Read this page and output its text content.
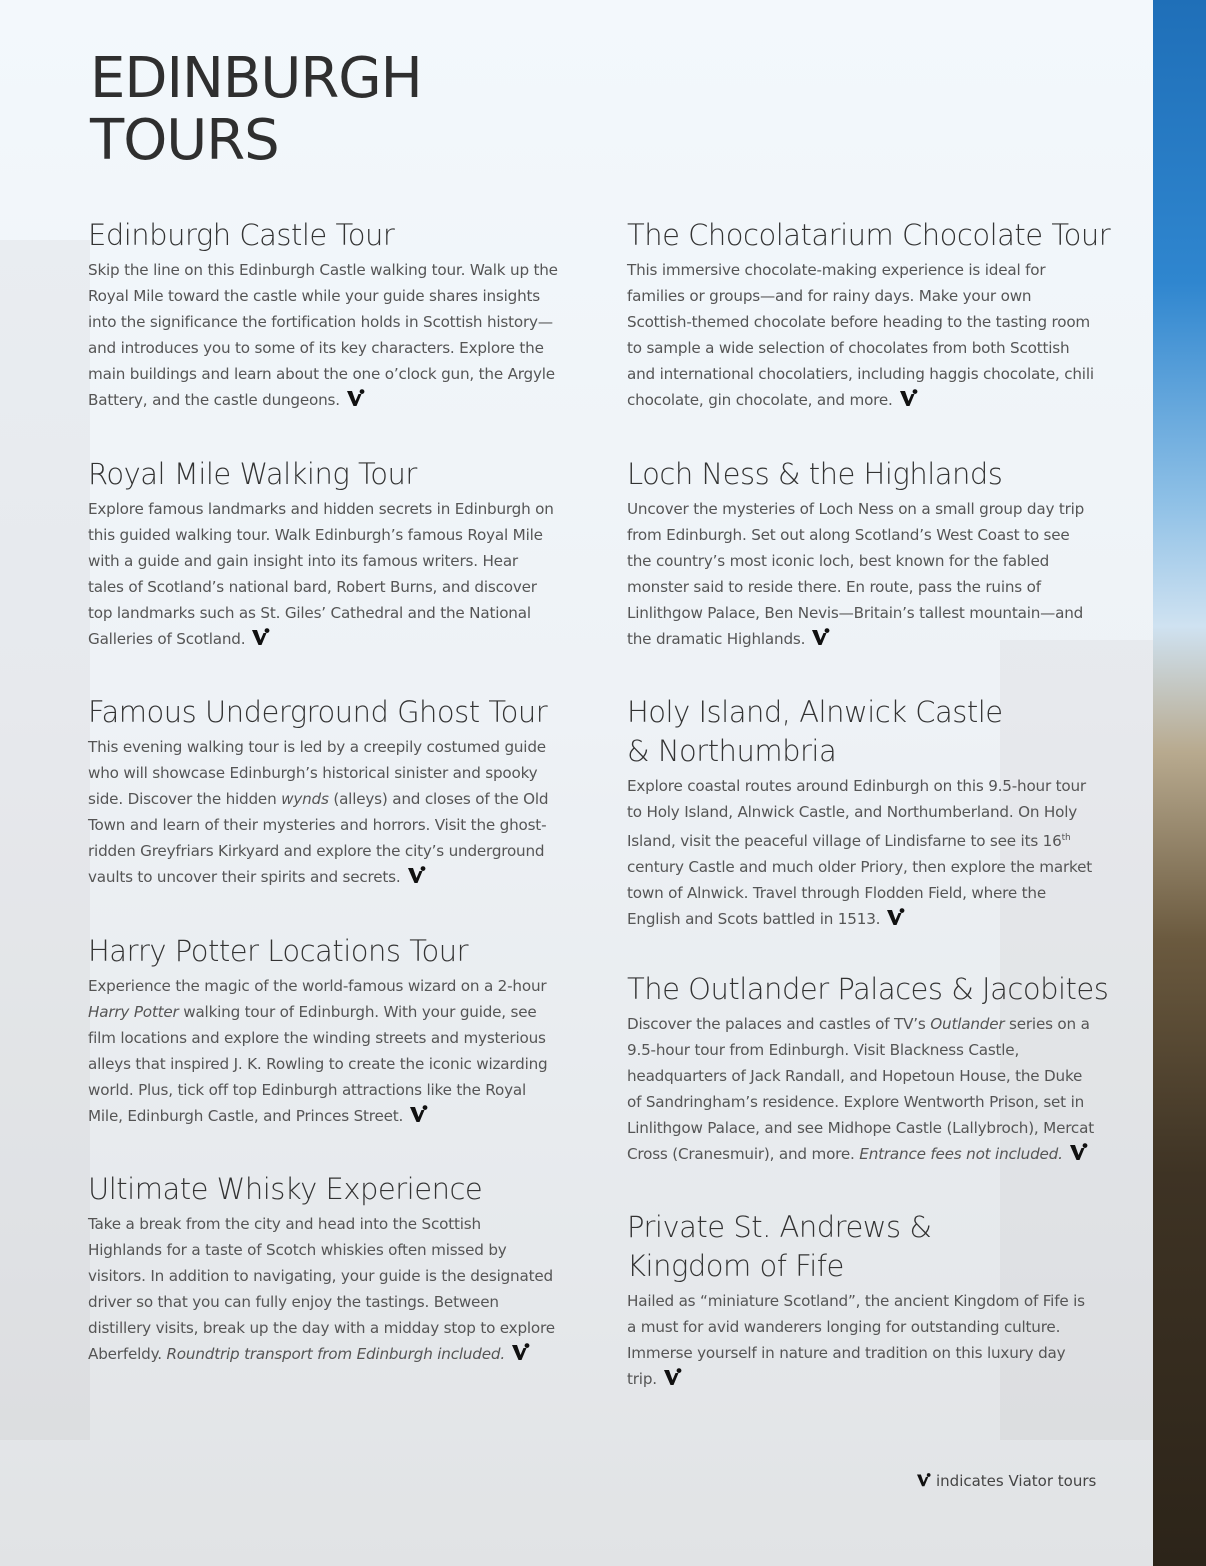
EDINBURGH
TOURS
Edinburgh Castle Tour

Skip the line on this Edinburgh Castle walking tour. Walk up the Royal Mile toward the castle while your guide shares insights into the significance the fortification holds in Scottish history—and introduces you to some of its key characters. Explore the main buildings and learn about the one o’clock gun, the Argyle Battery, and the castle dungeons.

Royal Mile Walking Tour

Explore famous landmarks and hidden secrets in Edinburgh on this guided walking tour. Walk Edinburgh’s famous Royal Mile with a guide and gain insight into its famous writers. Hear tales of Scotland’s national bard, Robert Burns, and discover top landmarks such as St. Giles’ Cathedral and the National Galleries of Scotland.

Famous Underground Ghost Tour

This evening walking tour is led by a creepily costumed guide who will showcase Edinburgh’s historical sinister and spooky side. Discover the hidden wynds (alleys) and closes of the Old Town and learn of their mysteries and horrors. Visit the ghost-ridden Greyfriars Kirkyard and explore the city’s underground vaults to uncover their spirits and secrets.

Harry Potter Locations Tour

Experience the magic of the world-famous wizard on a 2-hour Harry Potter walking tour of Edinburgh. With your guide, see film locations and explore the winding streets and mysterious alleys that inspired J. K. Rowling to create the iconic wizarding world. Plus, tick off top Edinburgh attractions like the Royal Mile, Edinburgh Castle, and Princes Street.

Ultimate Whisky Experience

Take a break from the city and head into the Scottish Highlands for a taste of Scotch whiskies often missed by visitors. In addition to navigating, your guide is the designated driver so that you can fully enjoy the tastings. Between distillery visits, break up the day with a midday stop to explore Aberfeldy. Roundtrip transport from Edinburgh included.

The Chocolatarium Chocolate Tour

This immersive chocolate-making experience is ideal for families or groups—and for rainy days. Make your own Scottish-themed chocolate before heading to the tasting room to sample a wide selection of chocolates from both Scottish and international chocolatiers, including haggis chocolate, chili chocolate, gin chocolate, and more.

Loch Ness & the Highlands

Uncover the mysteries of Loch Ness on a small group day trip from Edinburgh. Set out along Scotland’s West Coast to see the country’s most iconic loch, best known for the fabled monster said to reside there. En route, pass the ruins of Linlithgow Palace, Ben Nevis—Britain’s tallest mountain—and the dramatic Highlands.

Holy Island, Alnwick Castle
& Northumbria

Explore coastal routes around Edinburgh on this 9.5-hour tour to Holy Island, Alnwick Castle, and Northumberland. On Holy Island, visit the peaceful village of Lindisfarne to see its 16th century Castle and much older Priory, then explore the market town of Alnwick. Travel through Flodden Field, where the English and Scots battled in 1513.

The Outlander Palaces & Jacobites

Discover the palaces and castles of TV’s Outlander series on a 9.5-hour tour from Edinburgh. Visit Blackness Castle, headquarters of Jack Randall, and Hopetoun House, the Duke of Sandringham’s residence. Explore Wentworth Prison, set in Linlithgow Palace, and see Midhope Castle (Lallybroch), Mercat Cross (Cranesmuir), and more. Entrance fees not included.

Private St. Andrews &
Kingdom of Fife

Hailed as “miniature Scotland”, the ancient Kingdom of Fife is a must for avid wanderers longing for outstanding culture. Immerse yourself in nature and tradition on this luxury day trip.

indicates Viator tours
